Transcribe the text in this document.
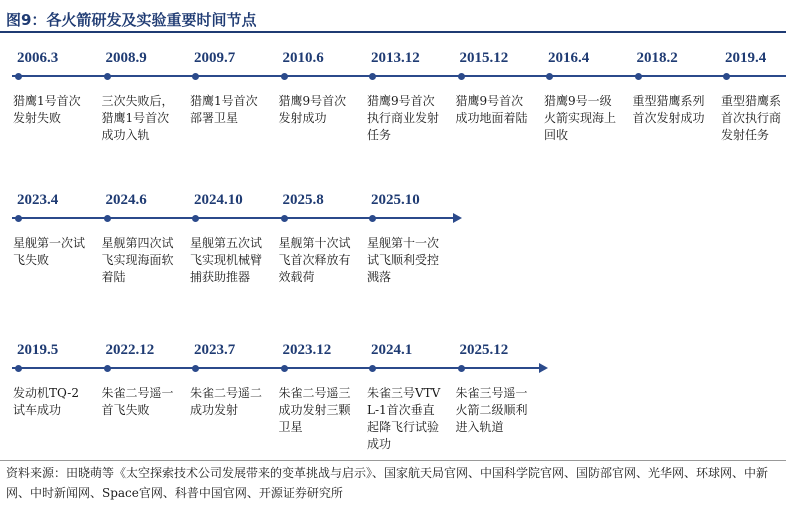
图9：各火箭研发及实验重要时间节点
2006.3
猎鹰1号首次发射失败
2008.9
三次失败后，猎鹰1号首次成功入轨
2009.7
猎鹰1号首次部署卫星
2010.6
猎鹰9号首次发射成功
2013.12
猎鹰9号首次执行商业发射任务
2015.12
猎鹰9号首次成功地面着陆
2016.4
猎鹰9号一级火箭实现海上回收
2018.2
重型猎鹰系列首次发射成功
2019.4
重型猎鹰系首次执行商发射任务
2023.4
星舰第一次试飞失败
2024.6
星舰第四次试飞实现海面软着陆
2024.10
星舰第五次试飞实现机械臂捕获助推器
2025.8
星舰第十次试飞首次释放有效载荷
2025.10
星舰第十一次试飞顺利受控溅落
2019.5
发动机TQ-2试车成功
2022.12
朱雀二号遥一首飞失败
2023.7
朱雀二号遥二成功发射
2023.12
朱雀二号遥三成功发射三颗卫星
2024.1
朱雀三号VTVL-1首次垂直起降飞行试验成功
2025.12
朱雀三号遥一火箭二级顺利进入轨道
资料来源：田晓萌等《太空探索技术公司发展带来的变革挑战与启示》、国家航天局官网、中国科学院官网、国防部官网、光华网、环球网、中新网、中时新闻网、Space官网、科普中国官网、开源证券研究所
